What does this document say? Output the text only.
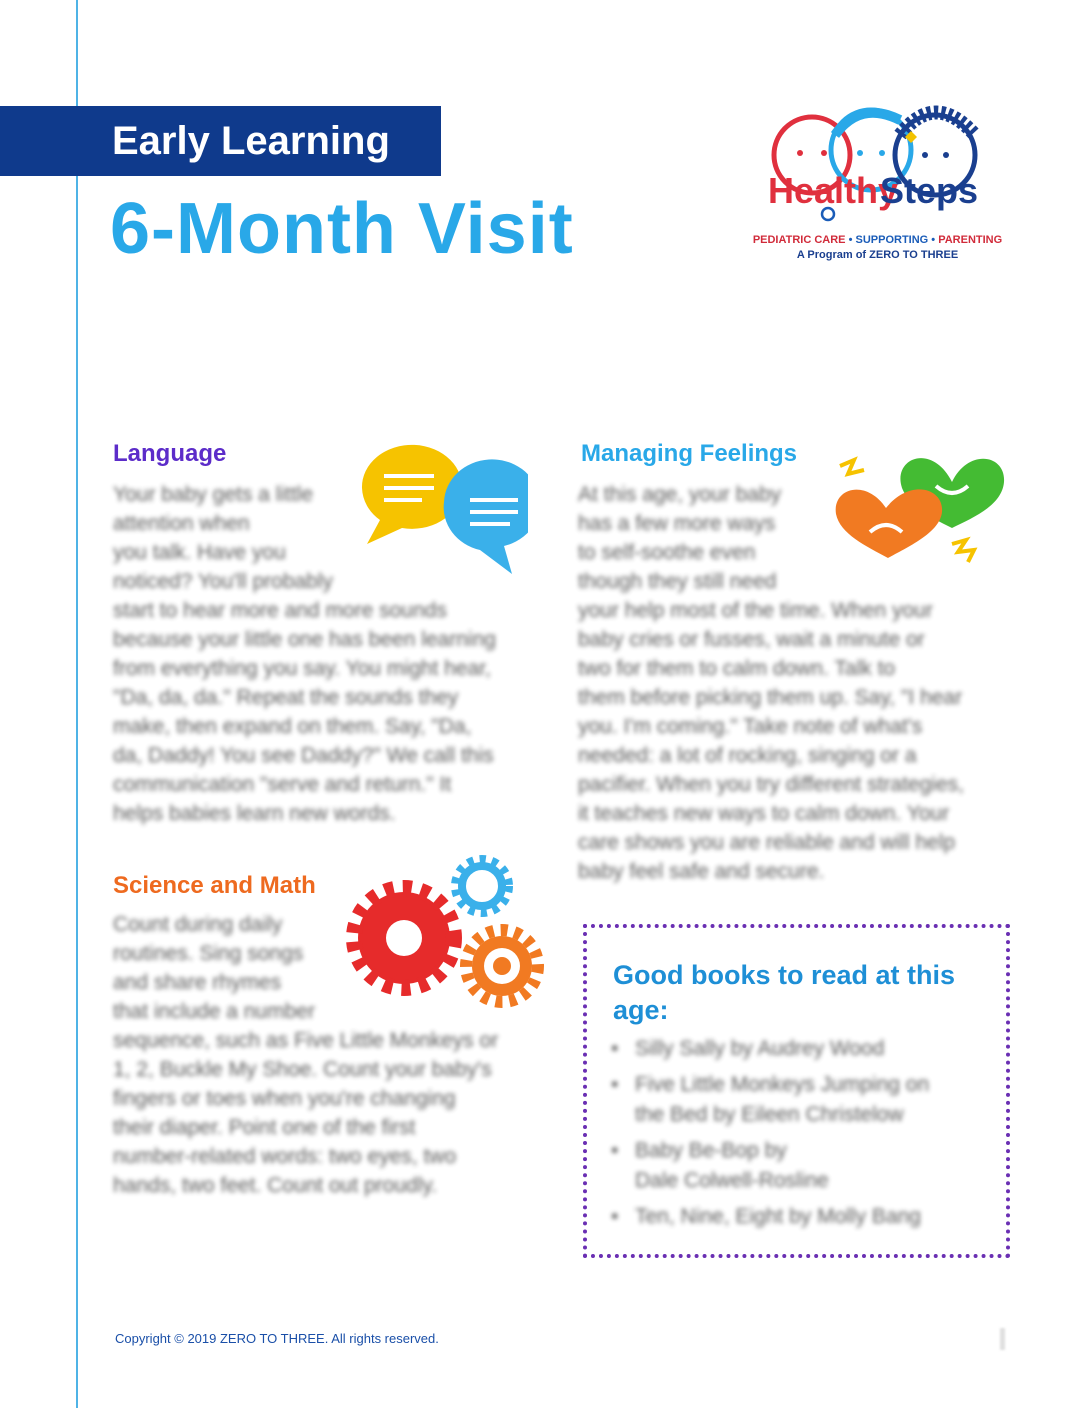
Early Learning
6-Month Visit	Healthy
Steps
PEDIATRIC CARE • SUPPORTING • PARENTING
A Program of ZERO TO THREE
Language
Your baby gets a little
attention when
you talk. Have you
noticed? You'll probably
start to hear more and more sounds
because your little one has been learning
from everything you say. You might hear,
"Da, da, da." Repeat the sounds they
make, then expand on them. Say, "Da,
da, Daddy! You see Daddy?" We call this
communication "serve and return." It
helps babies learn new words.
Managing Feelings
At this age, your baby
has a few more ways
to self-soothe even
though they still need
your help most of the time. When your
baby cries or fusses, wait a minute or
two for them to calm down. Talk to
them before picking them up. Say, "I hear
you. I'm coming." Take note of what's
needed: a lot of rocking, singing or a
pacifier. When you try different strategies,
it teaches new ways to calm down. Your
care shows you are reliable and will help
baby feel safe and secure.
Science and Math
Count during daily
routines. Sing songs
and share rhymes
that include a number
sequence, such as Five Little Monkeys or
1, 2, Buckle My Shoe. Count your baby's
fingers or toes when you're changing
their diaper. Point one of the first
number-related words: two eyes, two
hands, two feet. Count out proudly.
Good books to read at this age:
• Silly Sally by Audrey Wood
• Five Little Monkeys Jumping on
the Bed by Eileen Christelow
• Baby Be-Bop by
Dale Colwell-Rosline
• Ten, Nine, Eight by Molly Bang
Copyright © 2019 ZERO TO THREE. All rights reserved.
